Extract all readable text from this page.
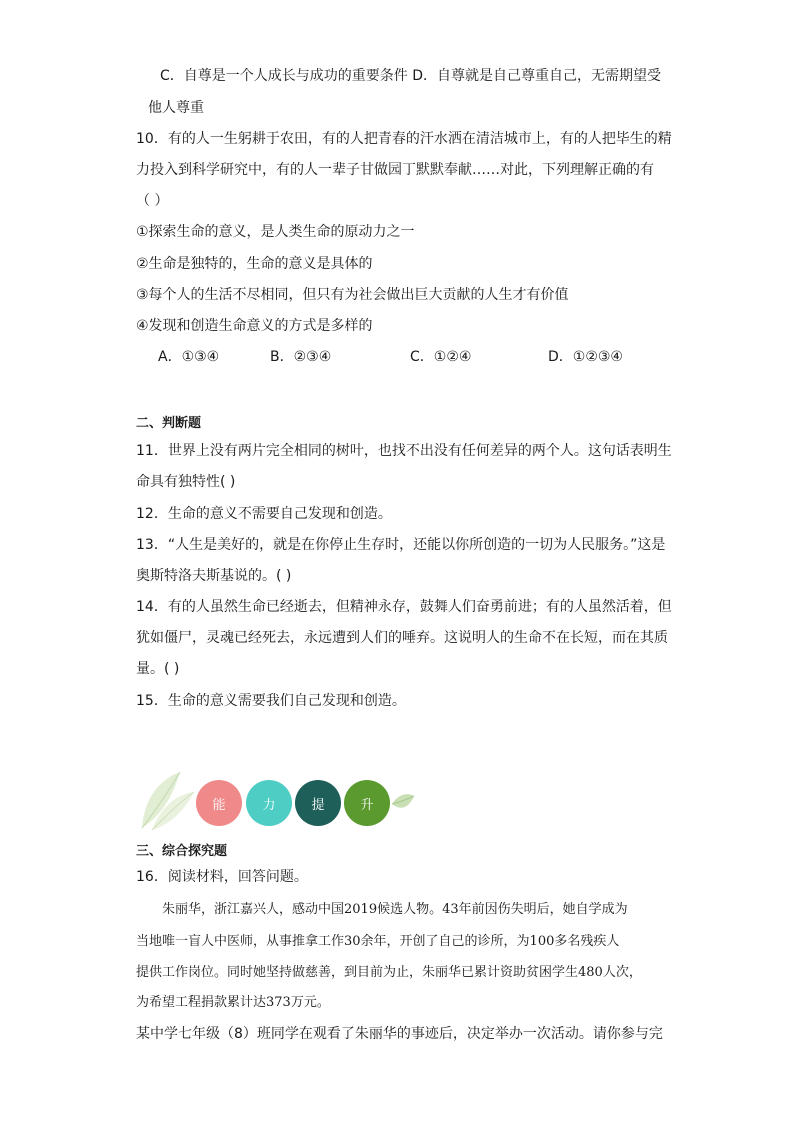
C．自尊是一个人成长与成功的重要条件 D．自尊就是自己尊重自己，无需期望受
他人尊重
10．有的人一生躬耕于农田，有的人把青春的汗水洒在清洁城市上，有的人把毕生的精
力投入到科学研究中，有的人一辈子甘做园丁默默奉献……对此，下列理解正确的有
（ ）
①探索生命的意义，是人类生命的原动力之一
②生命是独特的，生命的意义是具体的
③每个人的生活不尽相同，但只有为社会做出巨大贡献的人生才有价值
④发现和创造生命意义的方式是多样的
A．①③④	B．②③④	C．①②④	D．①②③④
二、判断题
11．世界上没有两片完全相同的树叶，也找不出没有任何差异的两个人。这句话表明生
命具有独特性( )
12．生命的意义不需要自己发现和创造。
13．“人生是美好的，就是在你停止生存时，还能以你所创造的一切为人民服务。”这是
奥斯特洛夫斯基说的。( )
14．有的人虽然生命已经逝去，但精神永存，鼓舞人们奋勇前进；有的人虽然活着，但
犹如僵尸，灵魂已经死去，永远遭到人们的唾弃。这说明人的生命不在长短，而在其质
量。( )
15．生命的意义需要我们自己发现和创造。
能	力	提	升
三、综合探究题
16．阅读材料，回答问题。
朱丽华，浙江嘉兴人，感动中国2019候选人物。43年前因伤失明后，她自学成为
当地唯一盲人中医师，从事推拿工作30余年，开创了自己的诊所，为100多名残疾人
提供工作岗位。同时她坚持做慈善，到目前为止，朱丽华已累计资助贫困学生480人次，
为希望工程捐款累计达373万元。
某中学七年级（8）班同学在观看了朱丽华的事迹后，决定举办一次活动。请你参与完
